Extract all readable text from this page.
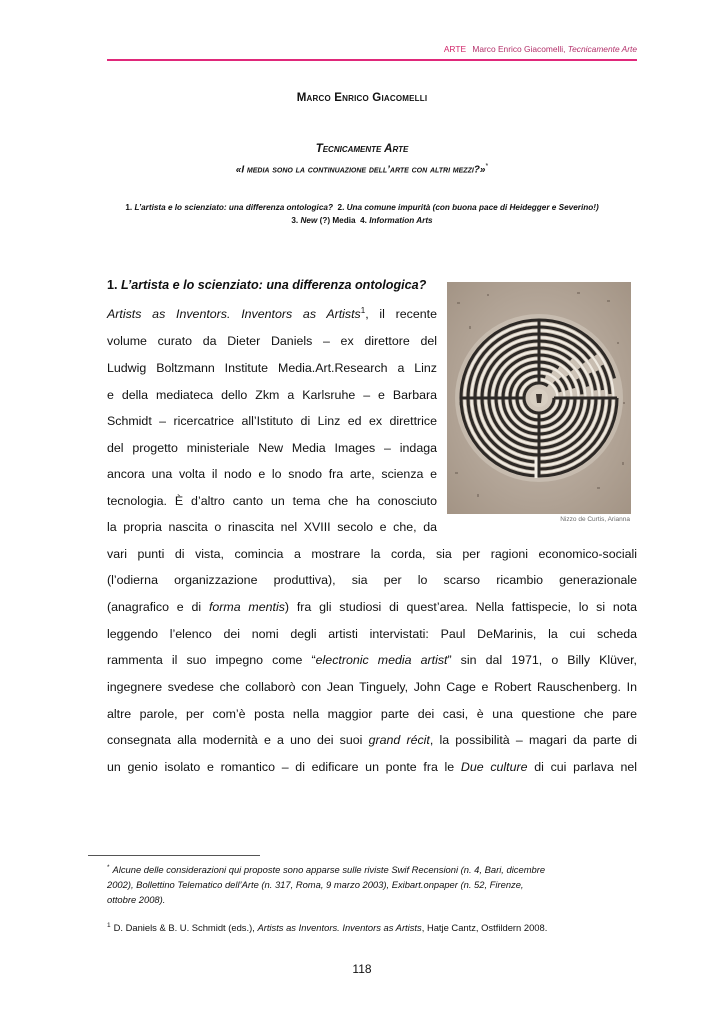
ARTE Marco Enrico Giacomelli, Tecnicamente Arte
Marco Enrico Giacomelli
Tecnicamente Arte
«I media sono la continuazione dell’arte con altri mezzi?»*
1. L’artista e lo scienziato: una differenza ontologica? 2. Una comune impurità (con buona pace di Heidegger e Severino!)
3. New (?) Media 4. Information Arts
1. L’artista e lo scienziato: una differenza ontologica?
Nizzo de Curtis, Arianna
Artists as Inventors. Inventors as Artists$^1$, il recente
volume curato da Dieter Daniels – ex direttore del
Ludwig Boltzmann Institute Media.Art.Research a Linz
e della mediateca dello Zkm a Karlsruhe – e Barbara
Schmidt – ricercatrice all’Istituto di Linz ed ex direttrice
del progetto ministeriale New Media Images – indaga
ancora una volta il nodo e lo snodo fra arte, scienza e
tecnologia. È d’altro canto un tema che ha conosciuto
la propria nascita o rinascita nel XVIII secolo e che, da
vari punti di vista, comincia a mostrare la corda, sia per ragioni economico-sociali
(l’odierna organizzazione produttiva), sia per lo scarso ricambio generazionale
(anagrafico e di forma mentis) fra gli studiosi di quest’area. Nella fattispecie, lo si nota
leggendo l’elenco dei nomi degli artisti intervistati: Paul DeMarinis, la cui scheda
rammenta il suo impegno come “electronic media artist” sin dal 1971, o Billy Klüver,
ingegnere svedese che collaborò con Jean Tinguely, John Cage e Robert Rauschenberg. In
altre parole, per com’è posta nella maggior parte dei casi, è una questione che pare
consegnata alla modernità e a uno dei suoi grand récit, la possibilità – magari da parte di
un genio isolato e romantico – di edificare un ponte fra le Due culture di cui parlava nel
* Alcune delle considerazioni qui proposte sono apparse sulle riviste Swif Recensioni (n. 4, Bari, dicembre
2002), Bollettino Telematico dell’Arte (n. 317, Roma, 9 marzo 2003), Exibart.onpaper (n. 52, Firenze,
ottobre 2008).
$^1$ D. Daniels & B. U. Schmidt (eds.), Artists as Inventors. Inventors as Artists, Hatje Cantz, Ostfildern 2008.
118
